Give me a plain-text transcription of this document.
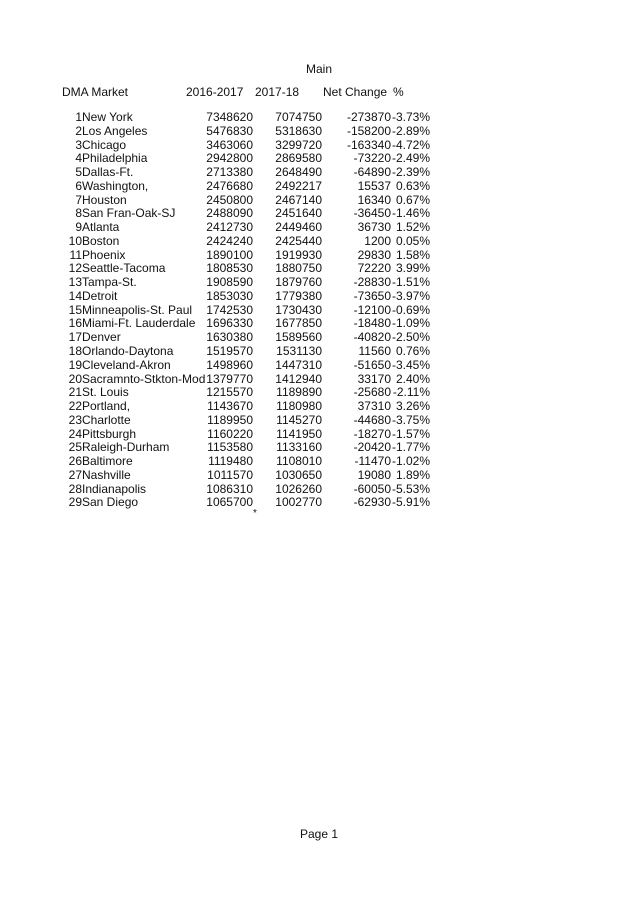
Main
DMA Market	2016-2017 2017-18 Net Change %
1 New York	7348620	7074750	-273870 -3.73%
2 Los Angeles	5476830	5318630	-158200 -2.89%
3 Chicago	3463060	3299720	-163340 -4.72%
4 Philadelphia	2942800	2869580	-73220 -2.49%
5 Dallas-Ft.	2713380	2648490	-64890 -2.39%
6 Washington,	2476680	2492217	15537 0.63%
7 Houston	2450800	2467140	16340 0.67%
8 San Fran-Oak-SJ	2488090	2451640	-36450 -1.46%
9 Atlanta	2412730	2449460	36730 1.52%
10 Boston	2424240	2425440	1200 0.05%
11 Phoenix	1890100	1919930	29830 1.58%
12 Seattle-Tacoma	1808530	1880750	72220 3.99%
13 Tampa-St.	1908590	1879760	-28830 -1.51%
14 Detroit	1853030	1779380	-73650 -3.97%
15 Minneapolis-St. Paul	1742530	1730430	-12100 -0.69%
16 Miami-Ft. Lauderdale 1696330	1677850	-18480 -1.09%
17 Denver	1630380	1589560	-40820 -2.50%
18 Orlando-Daytona	1519570	1531130	11560 0.76%
19 Cleveland-Akron	1498960	1447310	-51650 -3.45%
20 Sacramnto-Stkton-Mod 1379770	1412940	33170 2.40%
21 St. Louis	1215570	1189890	-25680 -2.11%
22 Portland,	1143670	1180980	37310 3.26%
23 Charlotte	1189950	1145270	-44680 -3.75%
24 Pittsburgh	1160220	1141950	-18270 -1.57%
25 Raleigh-Durham	1153580	1133160	-20420 -1.77%
26 Baltimore	1119480	1108010	-11470 -1.02%
27 Nashville	1011570	1030650	19080 1.89%
28 Indianapolis	1086310	1026260	-60050 -5.53%
29 San Diego	1065700	1002770	-62930 -5.91%
*
Page 1
